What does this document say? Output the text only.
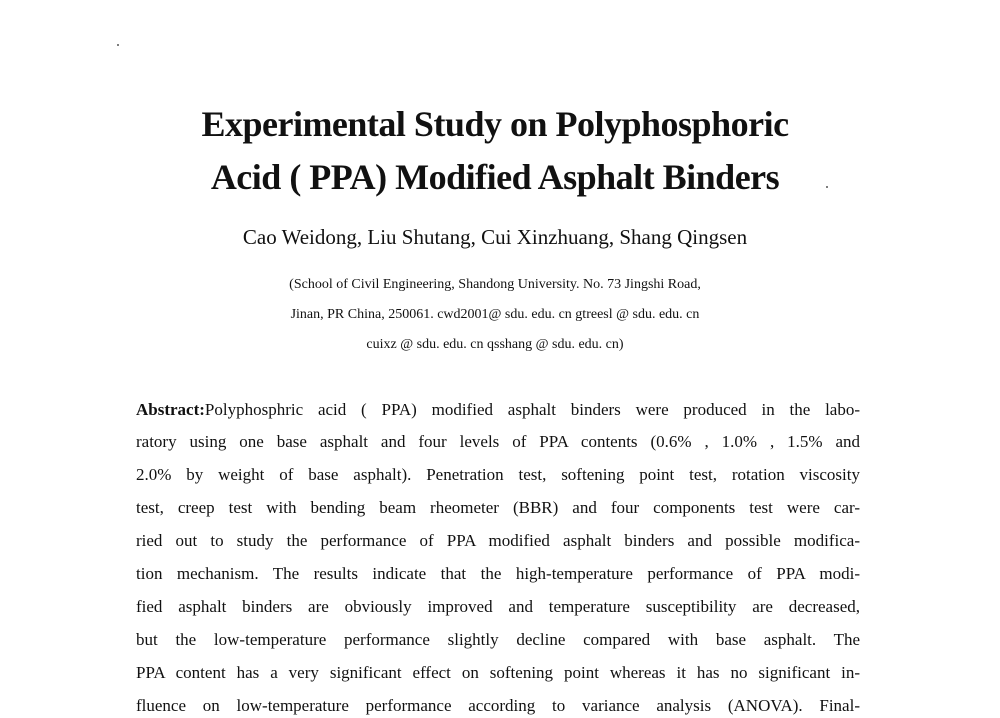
Experimental Study on Polyphosphoric
Acid ( PPA) Modified Asphalt Binders
Cao Weidong, Liu Shutang, Cui Xinzhuang, Shang Qingsen
(School of Civil Engineering, Shandong University. No. 73 Jingshi Road,
Jinan, PR China, 250061. cwd2001@ sdu. edu. cn gtreesl @ sdu. edu. cn
cuixz @ sdu. edu. cn qsshang @ sdu. edu. cn)
Abstract:Polyphosphric acid ( PPA) modified asphalt binders were produced in the labo-
ratory using one base asphalt and four levels of PPA contents (0.6% , 1.0% , 1.5% and
2.0% by weight of base asphalt). Penetration test, softening point test, rotation viscosity
test, creep test with bending beam rheometer (BBR) and four components test were car-
ried out to study the performance of PPA modified asphalt binders and possible modifica-
tion mechanism. The results indicate that the high-temperature performance of PPA modi-
fied asphalt binders are obviously improved and temperature susceptibility are decreased,
but the low-temperature performance slightly decline compared with base asphalt. The
PPA content has a very significant effect on softening point whereas it has no significant in-
fluence on low-temperature performance according to variance analysis (ANOVA). Final-
